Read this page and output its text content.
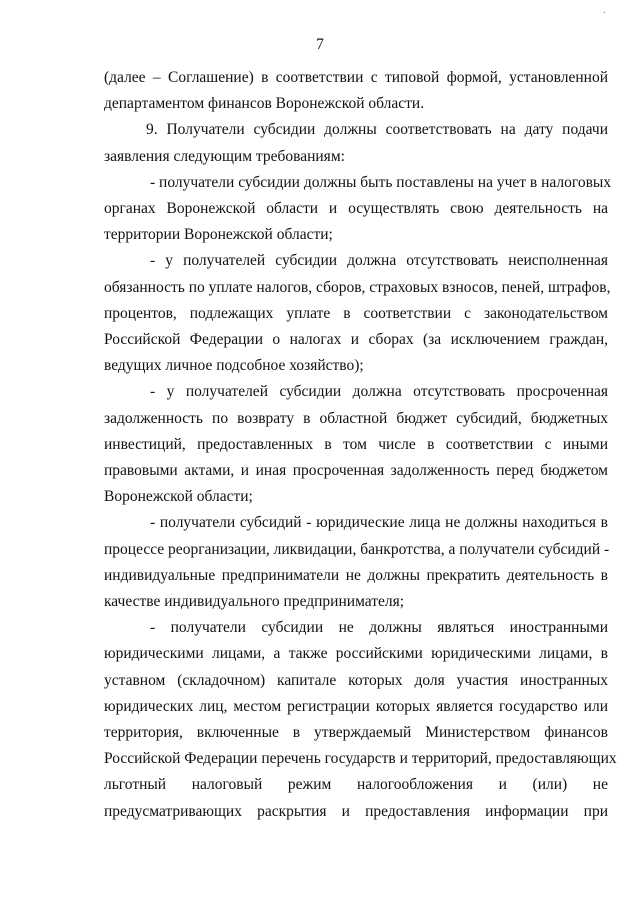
·
7

(далее – Соглашение) в соответствии с типовой формой, установленной

департаментом финансов Воронежской области.

9. Получатели субсидии должны соответствовать на дату подачи

заявления следующим требованиям:

- получатели субсидии должны быть поставлены на учет в налоговых

органах Воронежской области и осуществлять свою деятельность на

территории Воронежской области;

- у получателей субсидии должна отсутствовать неисполненная

обязанность по уплате налогов, сборов, страховых взносов, пеней, штрафов,

процентов, подлежащих уплате в соответствии с законодательством

Российской Федерации о налогах и сборах (за исключением граждан,

ведущих личное подсобное хозяйство);

- у получателей субсидии должна отсутствовать просроченная

задолженность по возврату в областной бюджет субсидий, бюджетных

инвестиций, предоставленных в том числе в соответствии с иными

правовыми актами, и иная просроченная задолженность перед бюджетом

Воронежской области;

- получатели субсидий - юридические лица не должны находиться в

процессе реорганизации, ликвидации, банкротства, а получатели субсидий -

индивидуальные предприниматели не должны прекратить деятельность в

качестве индивидуального предпринимателя;

- получатели субсидии не должны являться иностранными

юридическими лицами, а также российскими юридическими лицами, в

уставном (складочном) капитале которых доля участия иностранных

юридических лиц, местом регистрации которых является государство или

территория, включенные в утверждаемый Министерством финансов

Российской Федерации перечень государств и территорий, предоставляющих

льготный налоговый режим налогообложения и (или) не

предусматривающих раскрытия и предоставления информации при
